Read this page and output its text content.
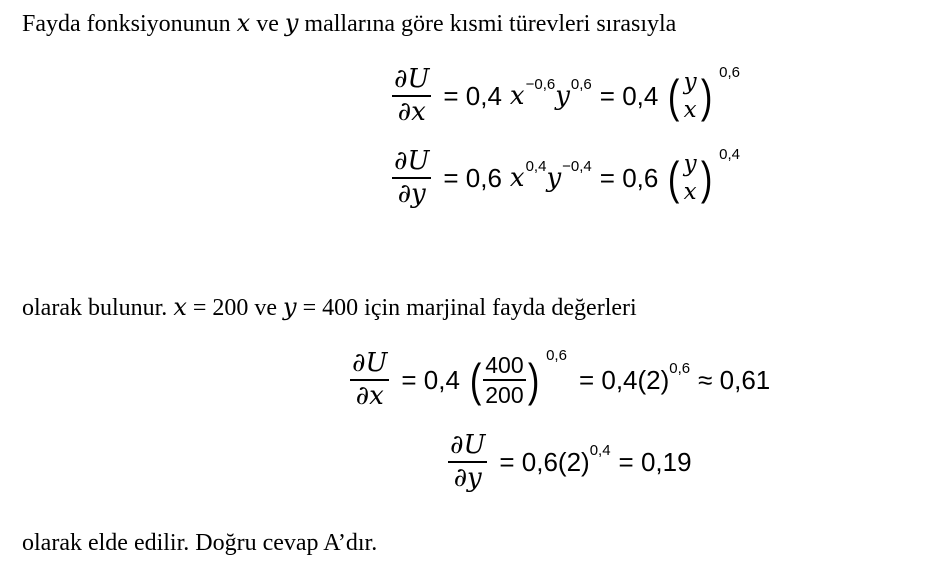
Fayda fonksiyonunun x ve y mallarına göre kısmi türevleri sırasıyla
$\frac{\partial U}{\partial x} = 0,4$ x −0,6 y 0,6 = 0,4 ( y
x ) 0,6
$\frac{\partial U}{\partial y} = 0,6$ x 0,4 y −0,4 = 0,6 ( y
x ) 0,4
olarak bulunur. x = 200 ve y = 400 için marjinal fayda değerleri
$\frac{\partial U}{\partial x} = 0,4$ ( $\frac{400}{200}$ ) 0,6
= 0,4(2) 0,6 ≈ 0,61
$\frac{\partial U}{\partial y} = 0,6(2) 0,4 = 0,19$
olarak elde edilir. Doğru cevap A’dır.
